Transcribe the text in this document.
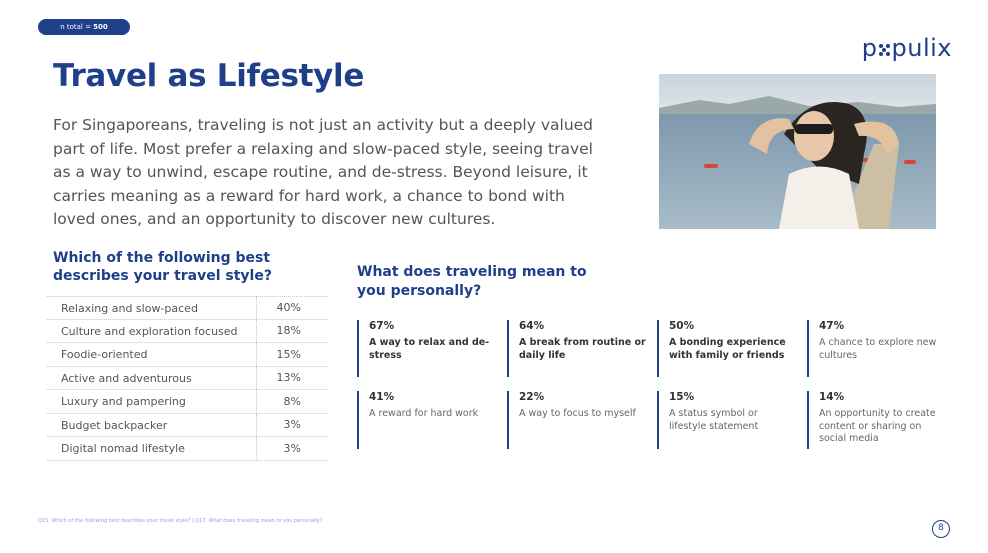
n total = 500
p pulix
Travel as Lifestyle

For Singaporeans, traveling is not just an activity but a deeply valued part of life. Most prefer a relaxing and slow-paced style, seeing travel as a way to unwind, escape routine, and de-stress. Beyond leisure, it carries meaning as a reward for hard work, a chance to bond with loved ones, and an opportunity to discover new cultures.

Which of the following best describes your travel style?
Relaxing and slow-paced	40%
Culture and exploration focused	18%
Foodie-oriented	15%
Active and adventurous	13%
Luxury and pampering	8%
Budget backpacker	3%
Digital nomad lifestyle	3%
What does traveling mean to you personally?
67%
A way to relax and de-stress
64%
A break from routine or daily life
50%
A bonding experience with family or friends
47%
A chance to explore new cultures
41%
A reward for hard work
22%
A way to focus to myself
15%
A status symbol or lifestyle statement
14%
An opportunity to create content or sharing on social media
Q15. Which of the following best describes your travel style? | Q17. What does traveling mean to you personally?
8
